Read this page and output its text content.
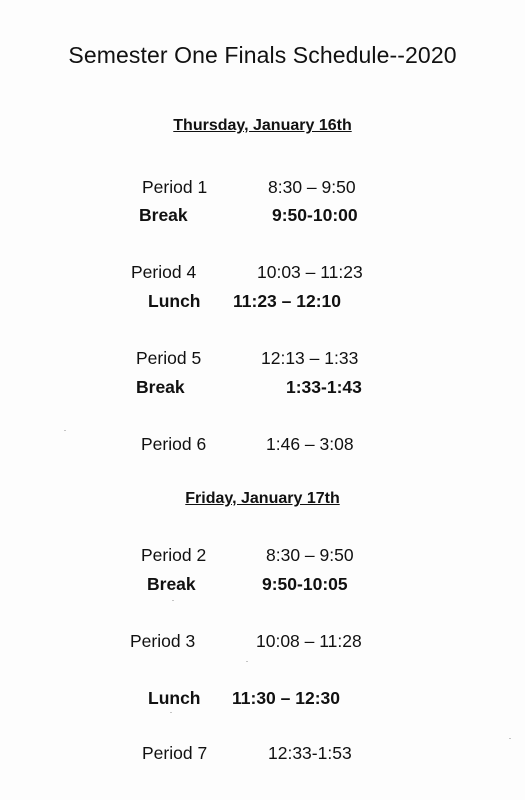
Semester One Finals Schedule--2020
Thursday, January 16th
Period 1	8:30 – 9:50
Break	9:50-10:00
Period 4	10:03 – 11:23
Lunch 11:23 – 12:10
Period 5	12:13 – 1:33
Break	1:33-1:43
Period 6	1:46 – 3:08
Friday, January 17th
Period 2	8:30 – 9:50
Break	9:50-10:05
Period 3	10:08 – 11:28
Lunch 11:30 – 12:30
Period 7	12:33-1:53
